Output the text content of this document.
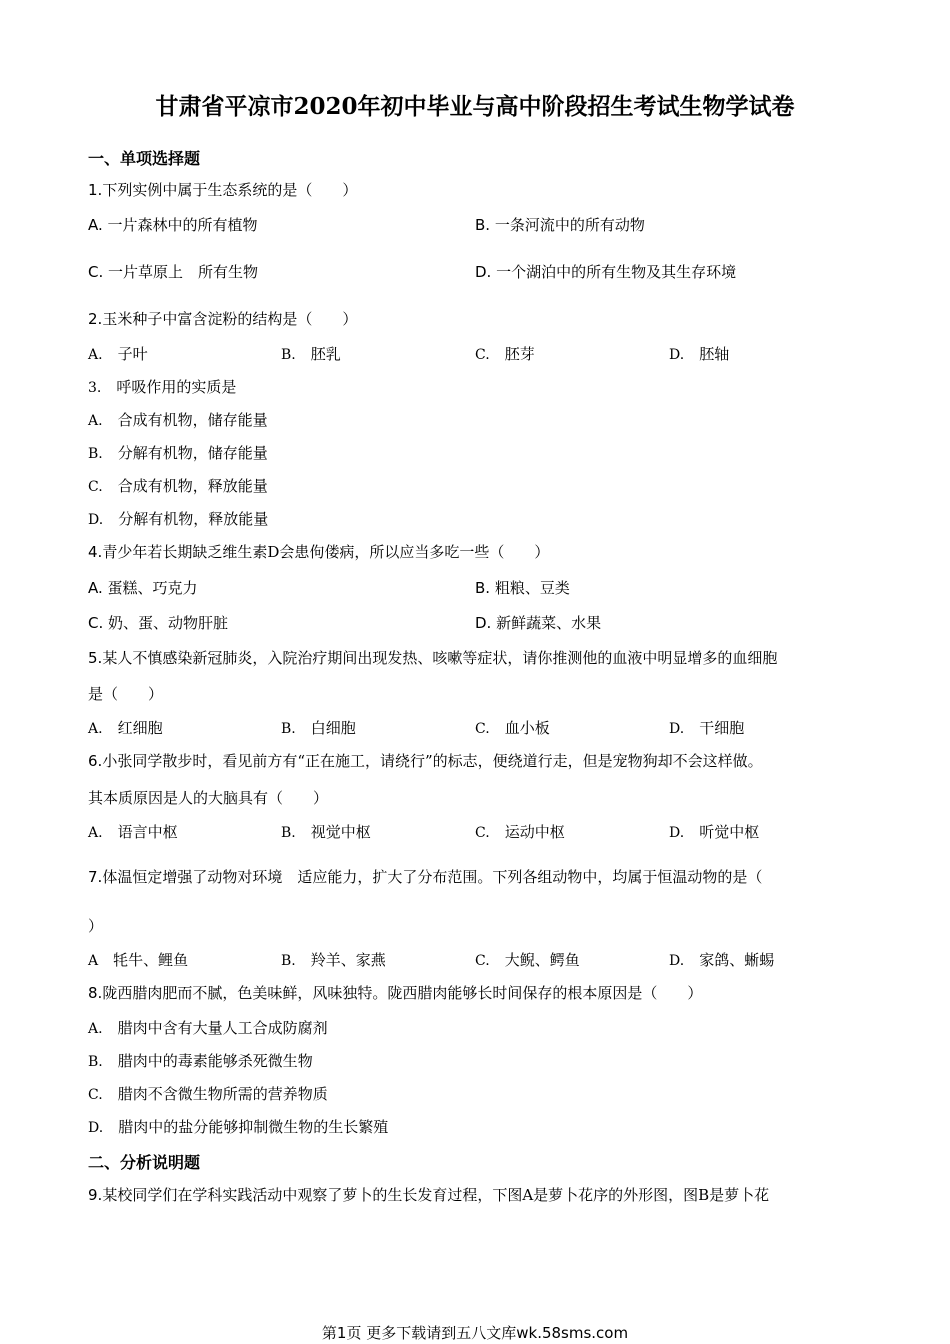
甘肃省平凉市2020年初中毕业与高中阶段招生考试生物学试卷
一、单项选择题
1.下列实例中属于生态系统的是（　　）
A. 一片森林中的所有植物	B. 一条河流中的所有动物
C. 一片草原上　所有生物	D. 一个湖泊中的所有生物及其生存环境
2.玉米种子中富含淀粉的结构是（　　）
A.　 子叶	B.　 胚乳	C.　 胚芽	D.　 胚轴
3.　 呼吸作用的实质是
A.　 合成有机物，储存能量
B.　 分解有机物，储存能量
C.　 合成有机物，释放能量
D.　 分解有机物，释放能量
4.青少年若长期缺乏维生素D会患佝偻病，所以应当多吃一些（　　）
A. 蛋糕、巧克力	B. 粗粮、豆类
C. 奶、蛋、动物肝脏	D. 新鲜蔬菜、水果
5.某人不慎感染新冠肺炎，入院治疗期间出现发热、咳嗽等症状，请你推测他的血液中明显增多的血细胞
是（　　）
A.　 红细胞	B.　 白细胞	C.　 血小板	D.　 干细胞
6.小张同学散步时，看见前方有“正在施工，请绕行”的标志，便绕道行走，但是宠物狗却不会这样做。
其本质原因是人的大脑具有（　　）
A.　 语言中枢	B.　 视觉中枢	C.　 运动中枢	D.　 听觉中枢
7.体温恒定增强了动物对环境　适应能力，扩大了分布范围。下列各组动物中，均属于恒温动物的是（
）
A　 牦牛、鲤鱼	B.　 羚羊、家燕	C.　 大鲵、鳄鱼	D.　 家鸽、蜥蜴
8.陇西腊肉肥而不腻，色美味鲜，风味独特。陇西腊肉能够长时间保存的根本原因是（　　）
A.　 腊肉中含有大量人工合成防腐剂
B.　 腊肉中的毒素能够杀死微生物
C.　 腊肉不含微生物所需的营养物质
D.　 腊肉中的盐分能够抑制微生物的生长繁殖
二、分析说明题
9.某校同学们在学科实践活动中观察了萝卜的生长发育过程，下图A是萝卜花序的外形图，图B是萝卜花
第1页 更多下载请到五八文库wk.58sms.com
